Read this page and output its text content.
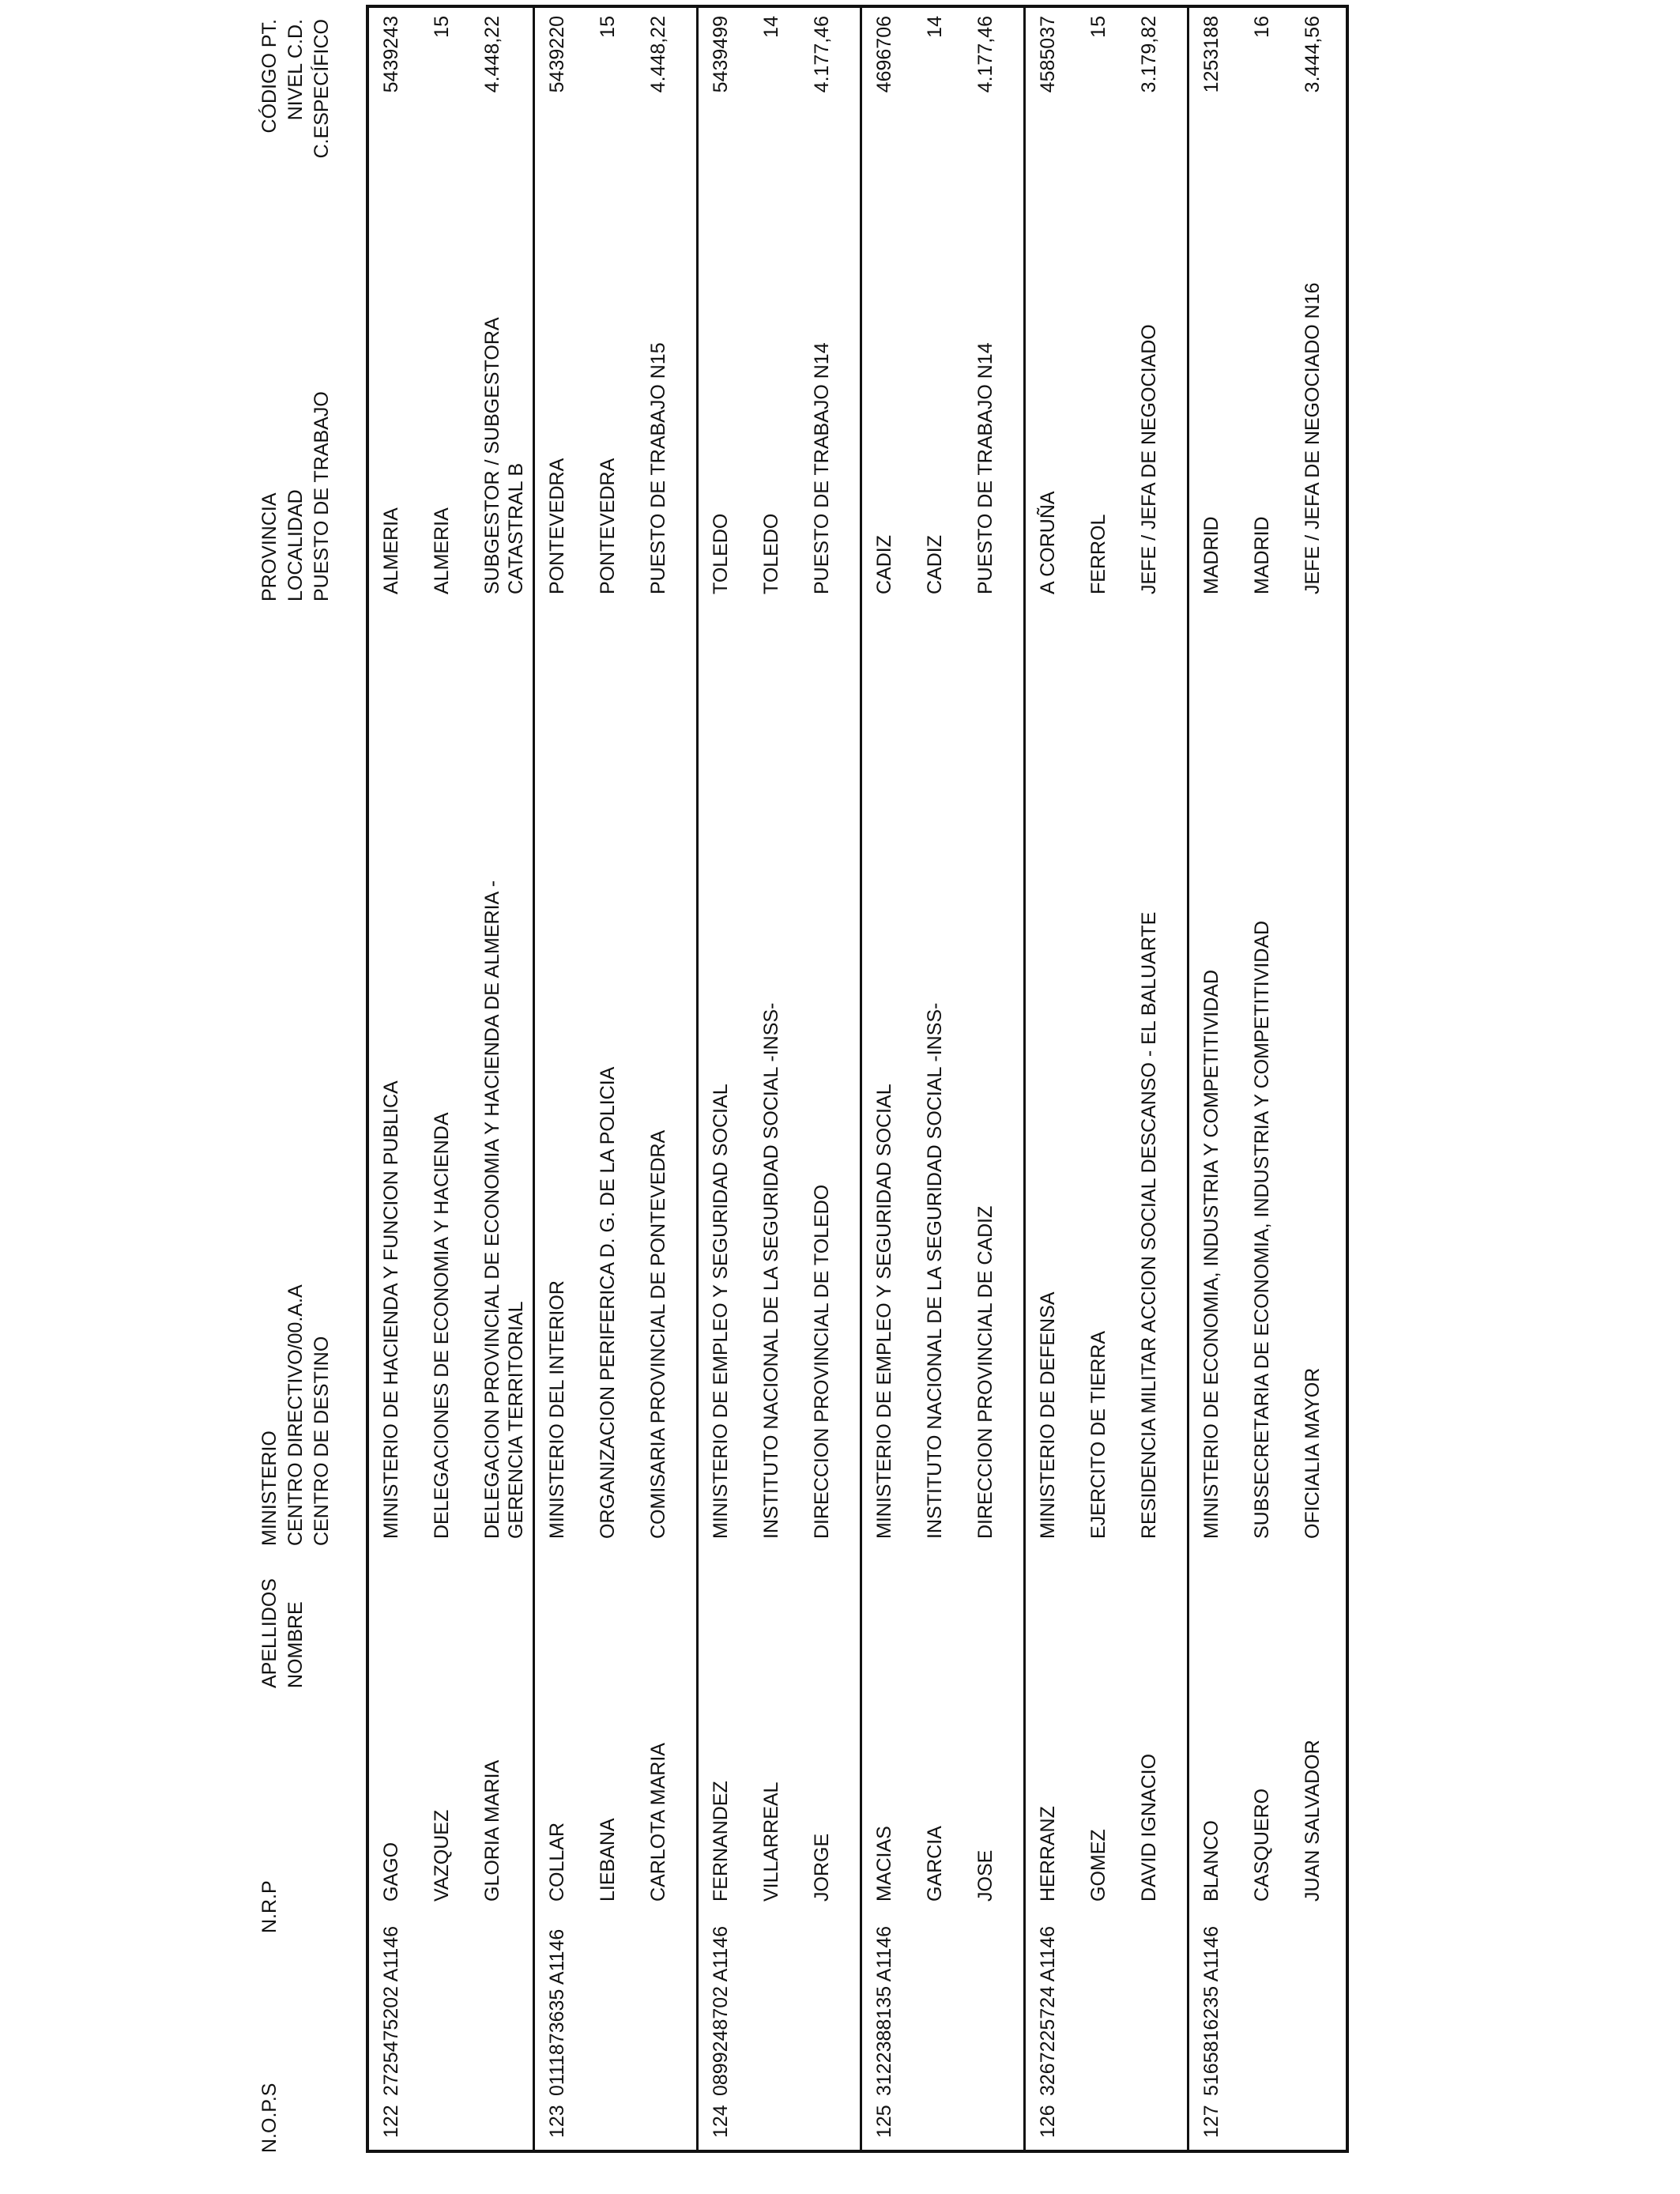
N.O.P.S
N.R.P
APELLIDOS NOMBRE
MINISTERIO CENTRO DIRECTIVO/00.A.A CENTRO DE DESTINO
PROVINCIA LOCALIDAD PUESTO DE TRABAJO
CÓDIGO PT. NIVEL C.D. C.ESPECÍFICO
122
2725475202 A1146
GAGO VAZQUEZ GLORIA MARIA
MINISTERIO DE HACIENDA Y FUNCION PUBLICA DELEGACIONES DE ECONOMIA Y HACIENDA DELEGACION PROVINCIAL DE ECONOMIA Y HACIENDA DE ALMERIA - GERENCIA TERRITORIAL
ALMERIA ALMERIA SUBGESTOR / SUBGESTORA CATASTRAL B
5439243 15 4.448,22
123
0111873635 A1146
COLLAR LIEBANA CARLOTA MARIA
MINISTERIO DEL INTERIOR ORGANIZACION PERIFERICA D. G. DE LA POLICIA COMISARIA PROVINCIAL DE PONTEVEDRA
PONTEVEDRA PONTEVEDRA PUESTO DE TRABAJO N15
5439220 15 4.448,22
124
0899248702 A1146
FERNANDEZ VILLARREAL JORGE
MINISTERIO DE EMPLEO Y SEGURIDAD SOCIAL INSTITUTO NACIONAL DE LA SEGURIDAD SOCIAL -INSS- DIRECCION PROVINCIAL DE TOLEDO
TOLEDO TOLEDO PUESTO DE TRABAJO N14
5439499 14 4.177,46
125
3122388135 A1146
MACIAS GARCIA JOSE
MINISTERIO DE EMPLEO Y SEGURIDAD SOCIAL INSTITUTO NACIONAL DE LA SEGURIDAD SOCIAL -INSS- DIRECCION PROVINCIAL DE CADIZ
CADIZ CADIZ PUESTO DE TRABAJO N14
4696706 14 4.177,46
126
3267225724 A1146
HERRANZ GOMEZ DAVID IGNACIO
MINISTERIO DE DEFENSA EJERCITO DE TIERRA RESIDENCIA MILITAR ACCION SOCIAL DESCANSO - EL BALUARTE
A CORUÑA FERROL JEFE / JEFA DE NEGOCIADO
4585037 15 3.179,82
127
5165816235 A1146
BLANCO CASQUERO JUAN SALVADOR
MINISTERIO DE ECONOMIA, INDUSTRIA Y COMPETITIVIDAD SUBSECRETARIA DE ECONOMIA, INDUSTRIA Y COMPETITIVIDAD OFICIALIA MAYOR
MADRID MADRID JEFE / JEFA DE NEGOCIADO N16
1253188 16 3.444,56
